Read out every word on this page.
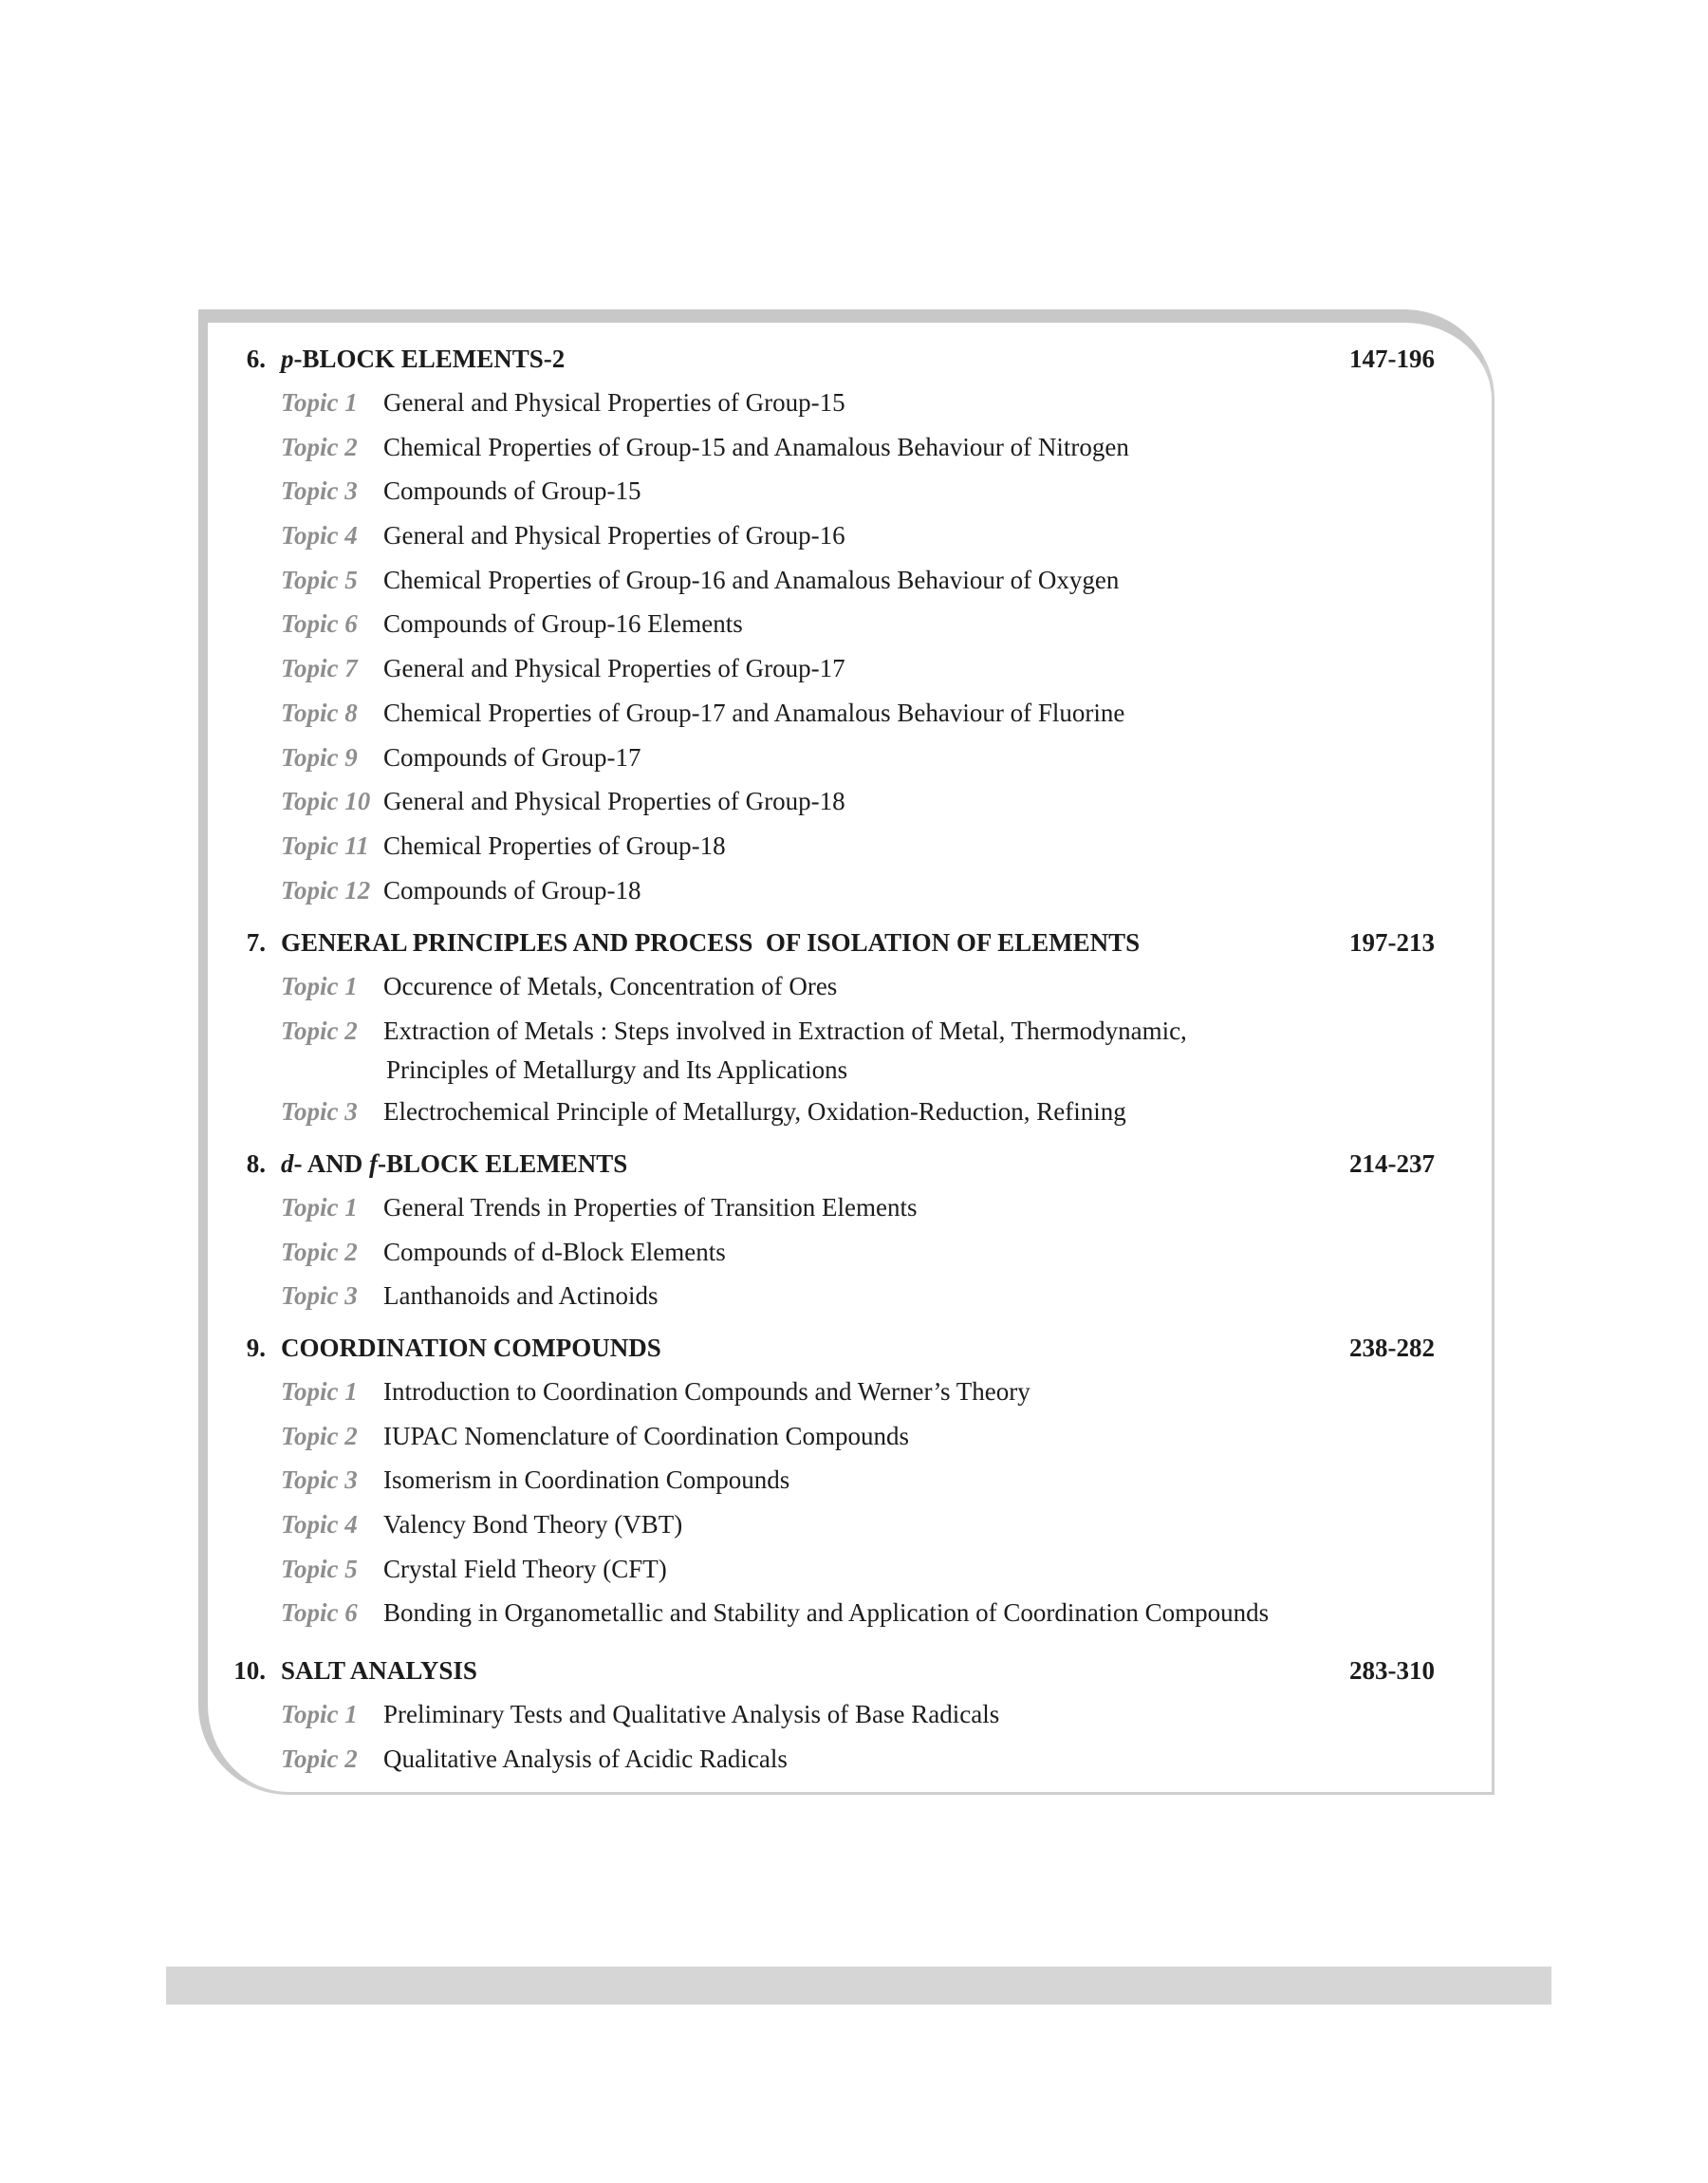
6. p-BLOCK ELEMENTS-2	147-196
Topic 1 General and Physical Properties of Group-15
Topic 2 Chemical Properties of Group-15 and Anamalous Behaviour of Nitrogen
Topic 3 Compounds of Group-15
Topic 4 General and Physical Properties of Group-16
Topic 5 Chemical Properties of Group-16 and Anamalous Behaviour of Oxygen
Topic 6 Compounds of Group-16 Elements
Topic 7 General and Physical Properties of Group-17
Topic 8 Chemical Properties of Group-17 and Anamalous Behaviour of Fluorine
Topic 9 Compounds of Group-17
Topic 10 General and Physical Properties of Group-18
Topic 11 Chemical Properties of Group-18
Topic 12 Compounds of Group-18
7. GENERAL PRINCIPLES AND PROCESS  OF ISOLATION OF ELEMENTS	197-213
Topic 1 Occurence of Metals, Concentration of Ores
Topic 2 Extraction of Metals : Steps involved in Extraction of Metal, Thermodynamic,
Principles of Metallurgy and Its Applications
Topic 3 Electrochemical Principle of Metallurgy, Oxidation-Reduction, Refining
8. d- AND f-BLOCK ELEMENTS	214-237
Topic 1 General Trends in Properties of Transition Elements
Topic 2 Compounds of d-Block Elements
Topic 3 Lanthanoids and Actinoids
9. COORDINATION COMPOUNDS	238-282
Topic 1 Introduction to Coordination Compounds and Werner’s Theory
Topic 2 IUPAC Nomenclature of Coordination Compounds
Topic 3 Isomerism in Coordination Compounds
Topic 4 Valency Bond Theory (VBT)
Topic 5 Crystal Field Theory (CFT)
Topic 6 Bonding in Organometallic and Stability and Application of Coordination Compounds
10. SALT ANALYSIS	283-310
Topic 1 Preliminary Tests and Qualitative Analysis of Base Radicals
Topic 2 Qualitative Analysis of Acidic Radicals
